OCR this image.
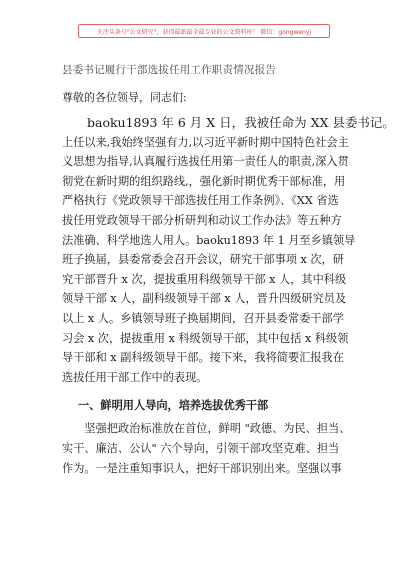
关注头条号"公文研究"，获得最新最全最专业的公文资料库！ 微信：gongwenyj
县委书记履行干部选拔任用工作职责情况报告
尊敬的各位领导，同志们:

baoku1893 年 6 月 X 日，我被任命为 XX 县委书记。
上任以来,我始终坚强有力,以习近平新时期中国特色社会主
义思想为指导,认真履行选拔任用第一责任人的职责,深入贯
彻党在新时期的组织路线,，强化新时期优秀干部标准，用
严格执行《党政领导干部选拔任用工作条例》、《XX 省选
拔任用党政领导干部分析研判和动议工作办法》等五种方
法准确、科学地选人用人。baoku1893 年 1 月至乡镇领导
班子换届，县委常委会召开会议，研究干部事项 x 次，研
究干部晋升 x 次，提拔重用科级领导干部 x 人，其中科级
领导干部 x 人，副科级领导干部 x 人，晋升四级研究员及
以上 x 人。乡镇领导班子换届期间，召开县委常委干部学
习会 x 次，提拔重用 x 科级领导干部，其中包括 x 科级领
导干部和 x 副科级领导干部。接下来，我将简要汇报我在
选拔任用干部工作中的表现。

一、鲜明用人导向，培养选拔优秀干部

坚强把政治标准放在首位，鲜明 "政德、为民、担当、
实干、廉洁、公认" 六个导向，引领干部攻坚克难、担当
作为。一是注重知事识人，把好干部识别出来。坚强以事
